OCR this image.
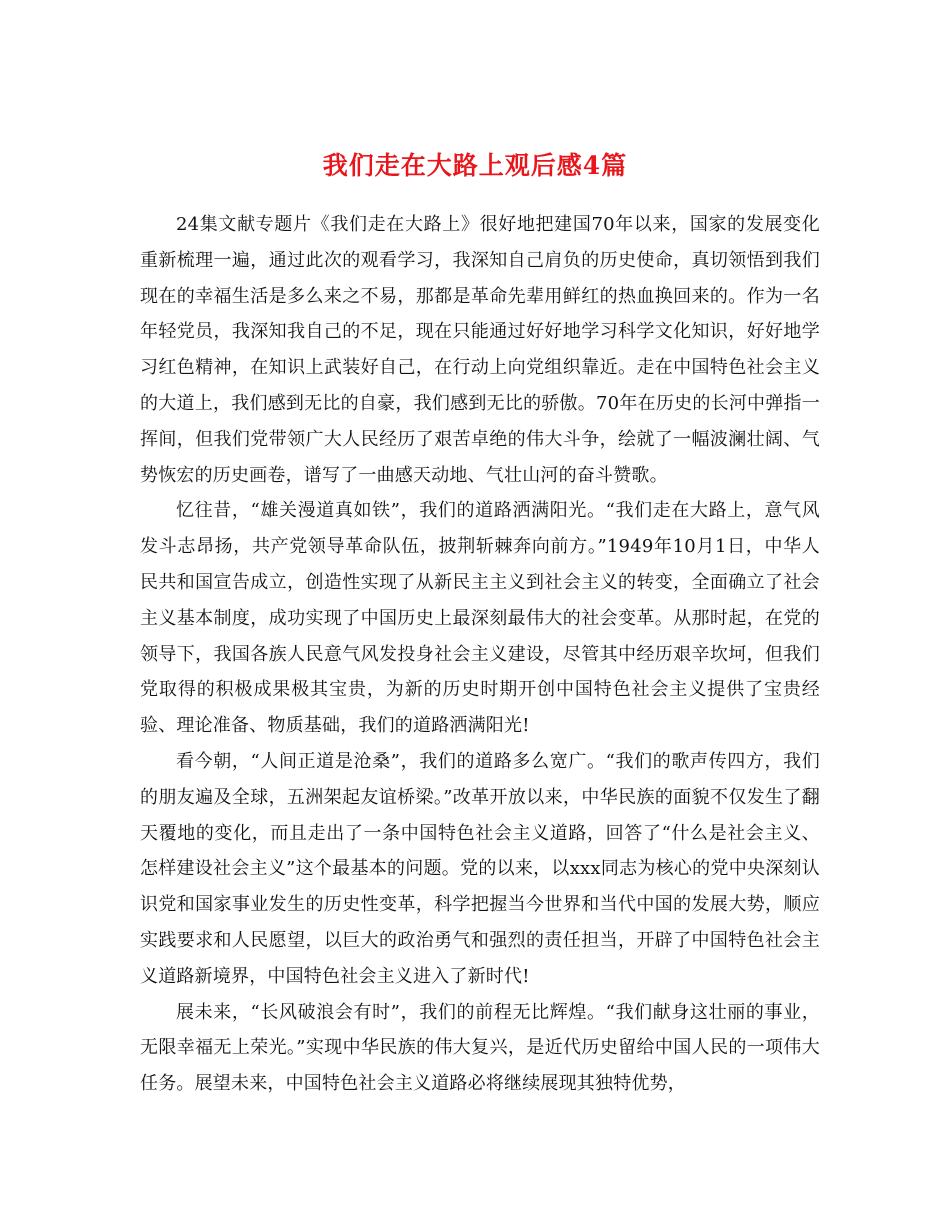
我们走在大路上观后感4篇

24集文献专题片《我们走在大路上》很好地把建国70年以来，国家的发展变化重新梳理一遍，通过此次的观看学习，我深知自己肩负的历史使命，真切领悟到我们现在的幸福生活是多么来之不易，那都是革命先辈用鲜红的热血换回来的。作为一名年轻党员，我深知我自己的不足，现在只能通过好好地学习科学文化知识，好好地学习红色精神，在知识上武装好自己，在行动上向党组织靠近。走在中国特色社会主义的大道上，我们感到无比的自豪，我们感到无比的骄傲。70年在历史的长河中弹指一挥间，但我们党带领广大人民经历了艰苦卓绝的伟大斗争，绘就了一幅波澜壮阔、气势恢宏的历史画卷，谱写了一曲感天动地、气壮山河的奋斗赞歌。

忆往昔，“雄关漫道真如铁”，我们的道路洒满阳光。“我们走在大路上，意气风发斗志昂扬，共产党领导革命队伍，披荆斩棘奔向前方。”1949年10月1日，中华人民共和国宣告成立，创造性实现了从新民主主义到社会主义的转变，全面确立了社会主义基本制度，成功实现了中国历史上最深刻最伟大的社会变革。从那时起，在党的领导下，我国各族人民意气风发投身社会主义建设，尽管其中经历艰辛坎坷，但我们党取得的积极成果极其宝贵，为新的历史时期开创中国特色社会主义提供了宝贵经验、理论准备、物质基础，我们的道路洒满阳光!

看今朝，“人间正道是沧桑”，我们的道路多么宽广。“我们的歌声传四方，我们的朋友遍及全球，五洲架起友谊桥梁。”改革开放以来，中华民族的面貌不仅发生了翻天覆地的变化，而且走出了一条中国特色社会主义道路，回答了“什么是社会主义、怎样建设社会主义”这个最基本的问题。党的以来，以xxx同志为核心的党中央深刻认识党和国家事业发生的历史性变革，科学把握当今世界和当代中国的发展大势，顺应实践要求和人民愿望，以巨大的政治勇气和强烈的责任担当，开辟了中国特色社会主义道路新境界，中国特色社会主义进入了新时代!

展未来，“长风破浪会有时”，我们的前程无比辉煌。“我们献身这壮丽的事业，无限幸福无上荣光。”实现中华民族的伟大复兴，是近代历史留给中国人民的一项伟大任务。展望未来，中国特色社会主义道路必将继续展现其独特优势，
